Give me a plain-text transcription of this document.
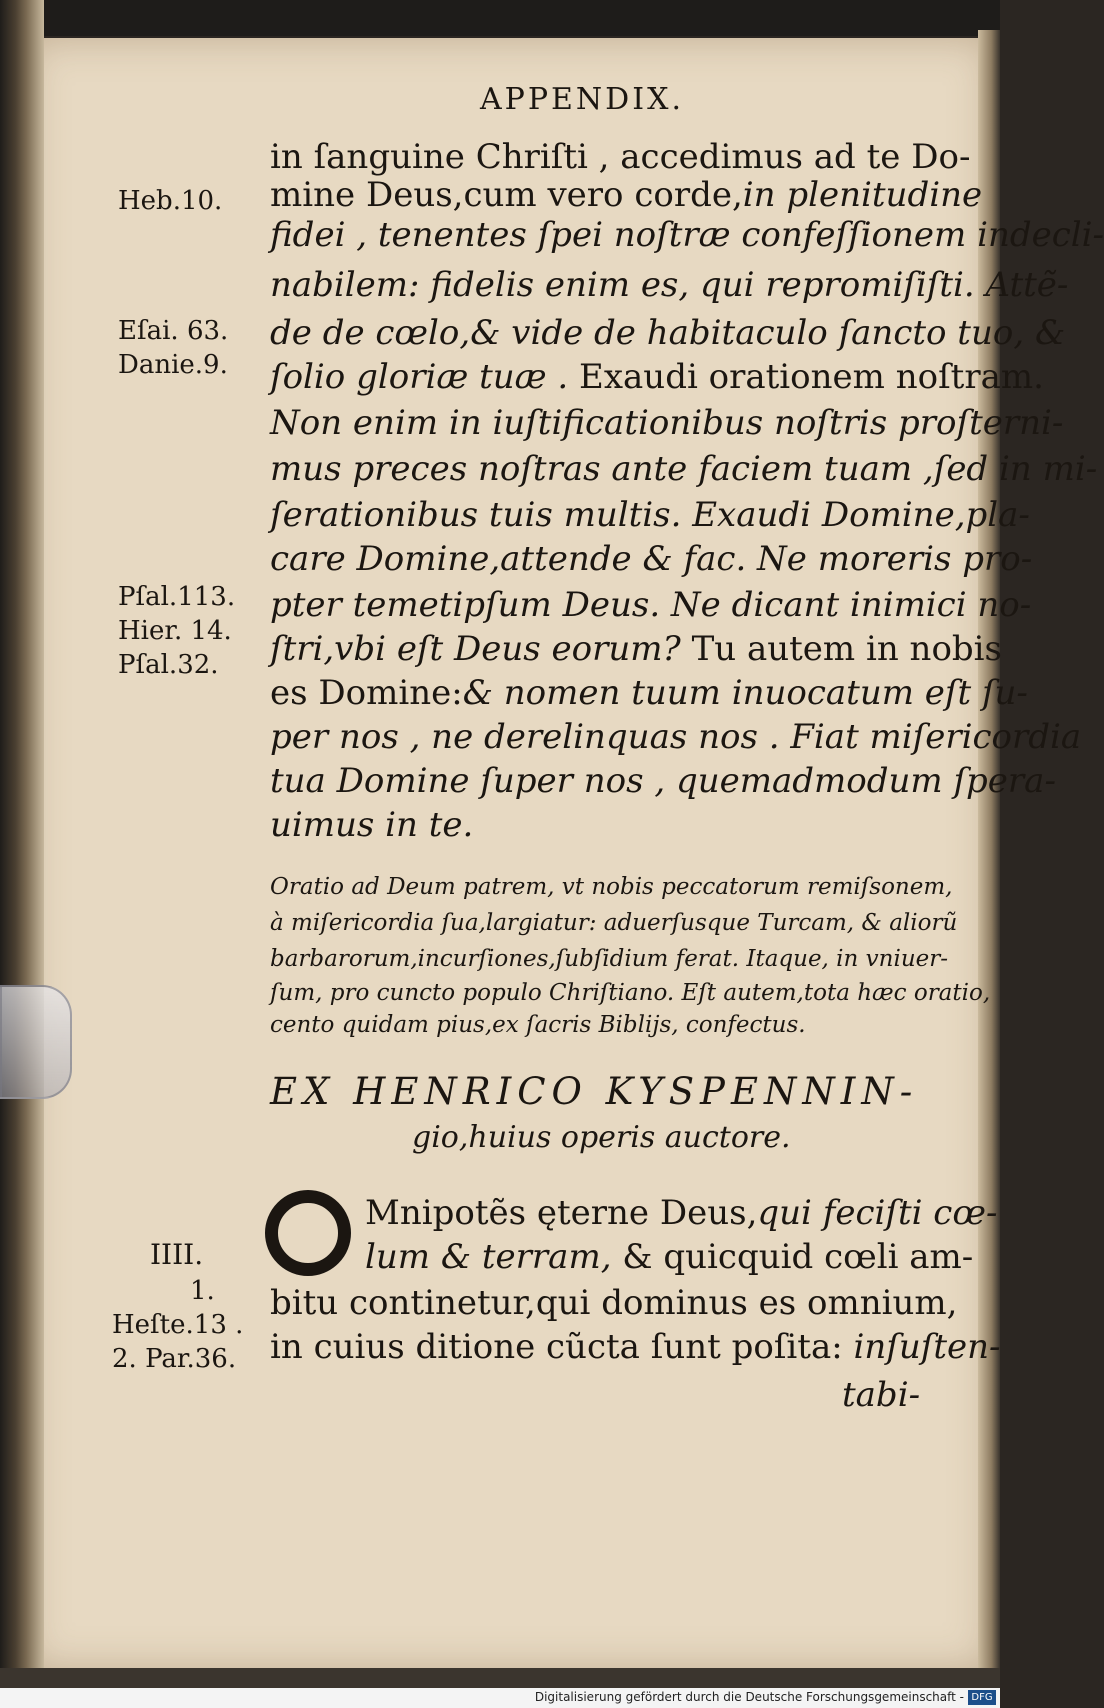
APPENDIX.
in ſanguine Chriſti , accedimus ad te Do-
mine Deus,cum vero corde,in plenitudine
fidei , tenentes ſpei noſtræ confeſſionem indecli-
nabilem: fidelis enim es, qui repromiſiſti. Attẽ-
de de cœlo,& vide de habitaculo ſancto tuo, &
ſolio gloriæ tuæ . Exaudi orationem noſtram.
Non enim in iuſtificationibus noſtris proſterni-
mus preces noſtras ante faciem tuam ,ſed in mi-
ſerationibus tuis multis. Exaudi Domine,pla-
care Domine,attende & fac. Ne moreris pro-
pter temetipſum Deus. Ne dicant inimici no-
ſtri,vbi eſt Deus eorum? Tu autem in nobis
es Domine:& nomen tuum inuocatum eſt ſu-
per nos , ne derelinquas nos . Fiat miſericordia
tua Domine ſuper nos , quemadmodum ſpera-
uimus in te.
Heb.10.
Eſai. 63.
Danie.9.
Pſal.113.
Hier. 14.
Pſal.32.
Oratio ad Deum patrem, vt nobis peccatorum remiſsonem,
à miſericordia ſua,largiatur: aduerſusque Turcam, & aliorũ
barbarorum,incurſiones,ſubſidium ferat. Itaque, in vniuer-
ſum, pro cuncto populo Chriſtiano. Eſt autem,tota hæc oratio,
cento quidam pius,ex ſacris Biblijs, confectus.
EX HENRICO KYSPENNIN-
gio,huius operis auctore.
Mnipotẽs ęterne Deus,qui feciſti cœ-
lum & terram, & quicquid cœli am-
bitu continetur,qui dominus es omnium,
in cuius ditione cũcta ſunt poſita: inſuſten-
tabi-
IIII.
1.
Heſte.13 .
2. Par.36.
Digitalisierung gefördert durch die Deutsche Forschungsgemeinschaft - DFG
